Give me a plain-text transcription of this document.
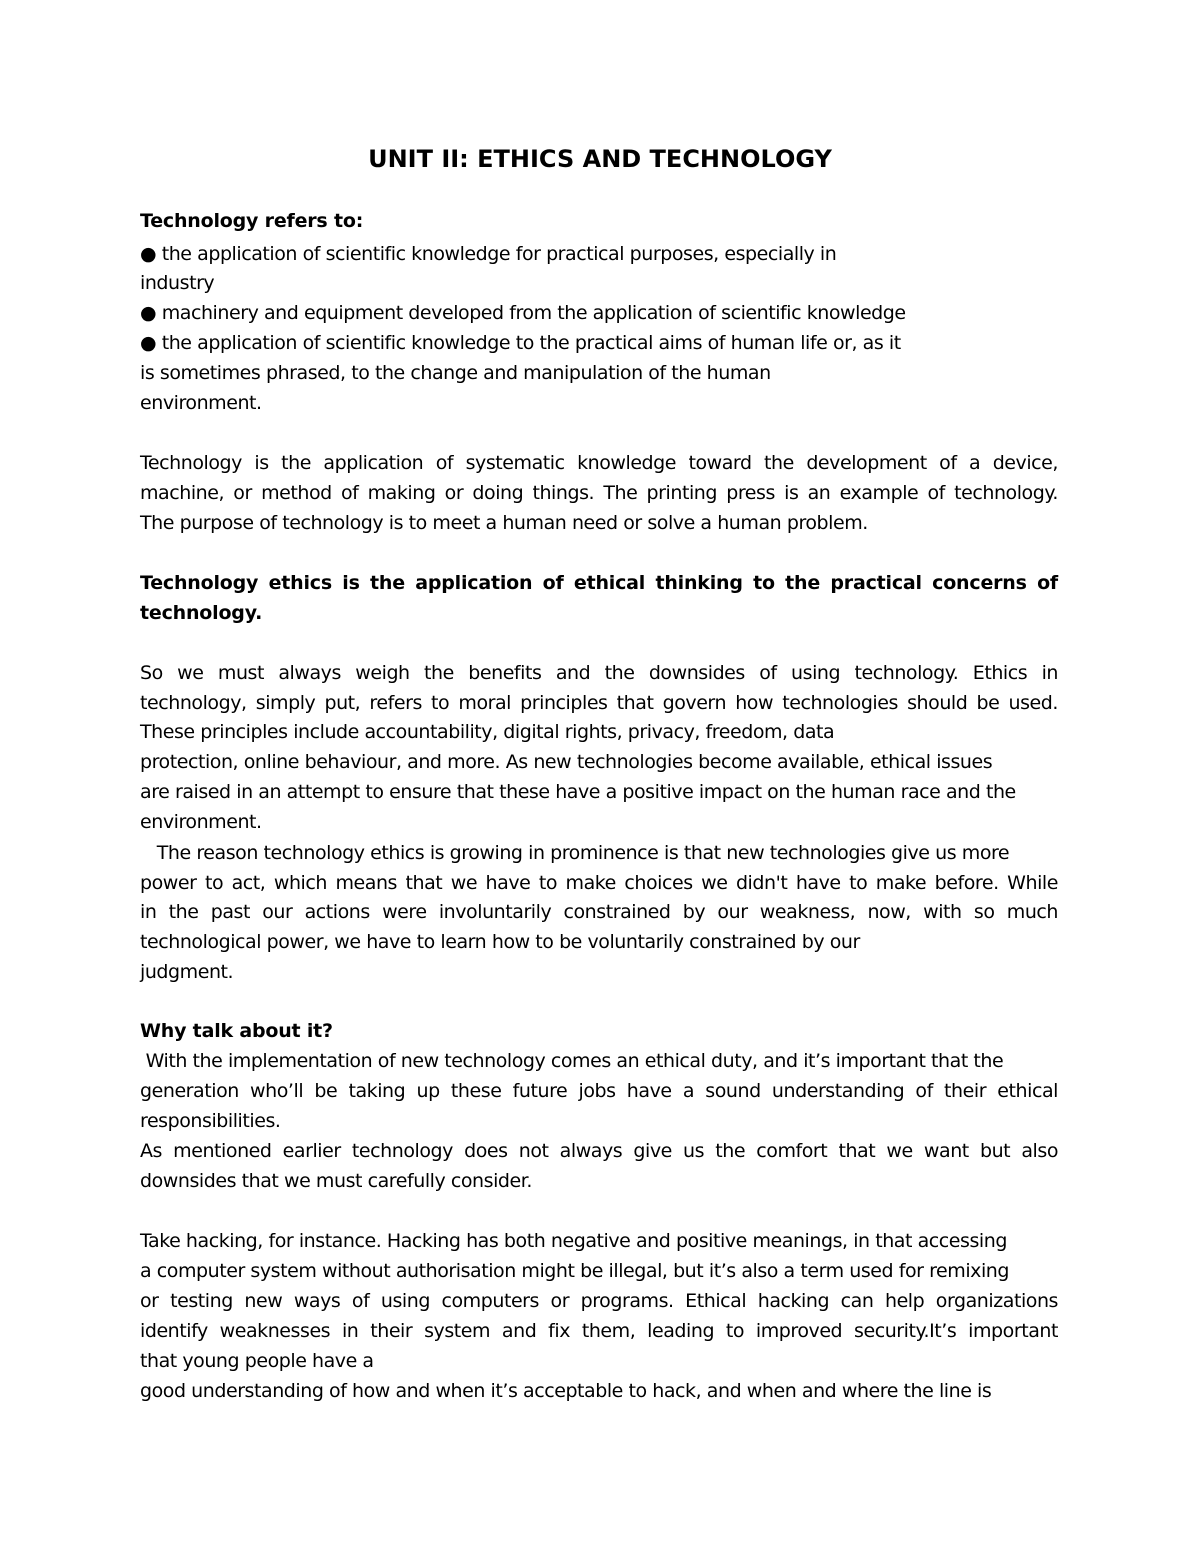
UNIT II: ETHICS AND TECHNOLOGY

Technology refers to:

● the application of scientific knowledge for practical purposes, especially in

industry

● machinery and equipment developed from the application of scientific knowledge

● the application of scientific knowledge to the practical aims of human life or, as it

is sometimes phrased, to the change and manipulation of the human

environment.

Technology is the application of systematic knowledge toward the development of a device,

machine, or method of making or doing things. The printing press is an example of technology.

The purpose of technology is to meet a human need or solve a human problem.

Technology ethics is the application of ethical thinking to the practical concerns of

technology.

So we must always weigh the benefits and the downsides of using technology. Ethics in

technology, simply put, refers to moral principles that govern how technologies should be used.

These principles include accountability, digital rights, privacy, freedom, data

protection, online behaviour, and more. As new technologies become available, ethical issues

are raised in an attempt to ensure that these have a positive impact on the human race and the

environment.

The reason technology ethics is growing in prominence is that new technologies give us more

power to act, which means that we have to make choices we didn't have to make before. While

in the past our actions were involuntarily constrained by our weakness, now, with so much

technological power, we have to learn how to be voluntarily constrained by our

judgment.

Why talk about it?

With the implementation of new technology comes an ethical duty, and it’s important that the

generation who’ll be taking up these future jobs have a sound understanding of their ethical

responsibilities.

As mentioned earlier technology does not always give us the comfort that we want but also

downsides that we must carefully consider.

Take hacking, for instance. Hacking has both negative and positive meanings, in that accessing

a computer system without authorisation might be illegal, but it’s also a term used for remixing

or testing new ways of using computers or programs. Ethical hacking can help organizations

identify weaknesses in their system and fix them, leading to improved security.It’s important

that young people have a

good understanding of how and when it’s acceptable to hack, and when and where the line is
